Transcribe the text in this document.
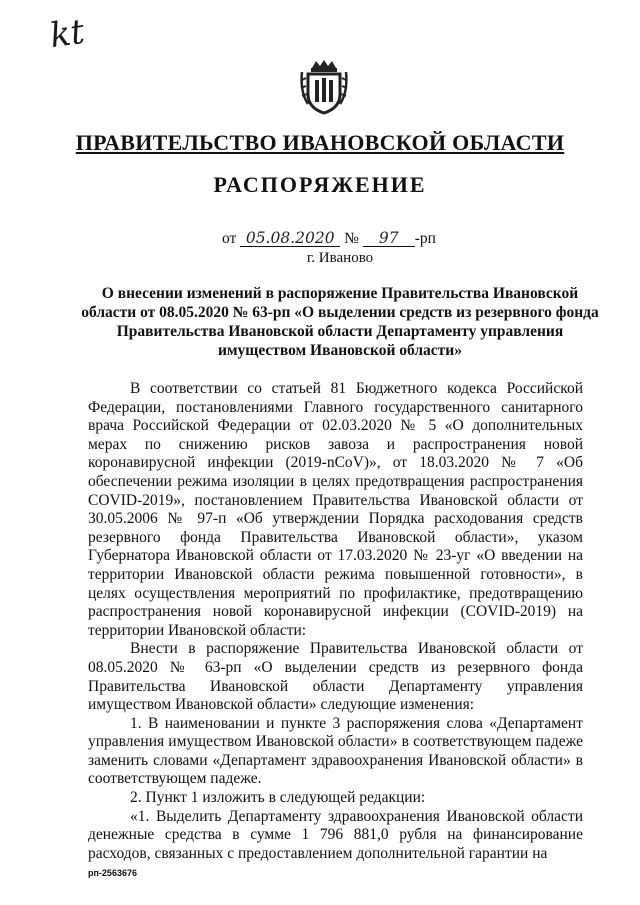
kt
ПРАВИТЕЛЬСТВО ИВАНОВСКОЙ ОБЛАСТИ
РАСПОРЯЖЕНИЕ
от 05.08.2020 № 97 -рп
г. Иваново
О внесении изменений в распоряжение Правительства Ивановской области от 08.05.2020 № 63-рп «О выделении средств из резервного фонда Правительства Ивановской области Департаменту управления имуществом Ивановской области»

В соответствии со статьей 81 Бюджетного кодекса Российской Федерации, постановлениями Главного государственного санитарного врача Российской Федерации от 02.03.2020 № 5 «О дополнительных мерах по снижению рисков завоза и распространения новой коронавирусной инфекции (2019-nCoV)», от 18.03.2020 № 7 «Об обеспечении режима изоляции в целях предотвращения распространения COVID-2019», постановлением Правительства Ивановской области от 30.05.2006 № 97-п «Об утверждении Порядка расходования средств резервного фонда Правительства Ивановской области», указом Губернатора Ивановской области от 17.03.2020 № 23-уг «О введении на территории Ивановской области режима повышенной готовности», в целях осуществления мероприятий по профилактике, предотвращению распространения новой коронавирусной инфекции (COVID-2019) на территории Ивановской области:

Внести в распоряжение Правительства Ивановской области от 08.05.2020 № 63-рп «О выделении средств из резервного фонда Правительства Ивановской области Департаменту управления имуществом Ивановской области» следующие изменения:

1. В наименовании и пункте 3 распоряжения слова «Департамент управления имуществом Ивановской области» в соответствующем падеже заменить словами «Департамент здравоохранения Ивановской области» в соответствующем падеже.

2. Пункт 1 изложить в следующей редакции:

«1. Выделить Департаменту здравоохранения Ивановской области денежные средства в сумме 1 796 881,0 рубля на финансирование расходов, связанных с предоставлением дополнительной гарантии на

рп-2563676
